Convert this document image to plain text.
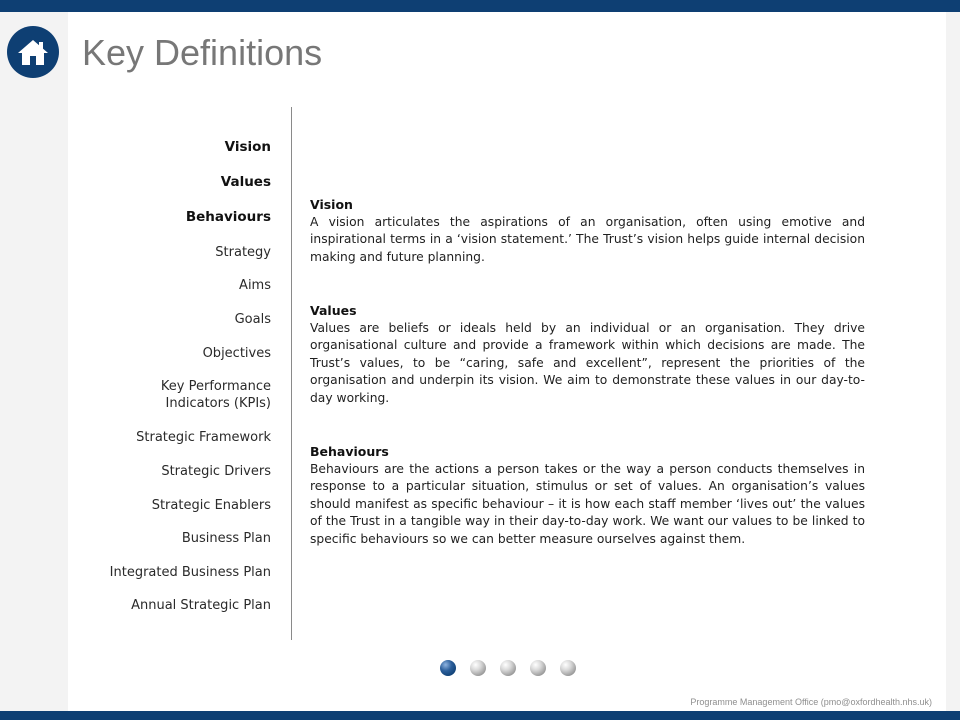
Key Definitions
Vision
Values
Behaviours
Strategy
Aims
Goals
Objectives
Key Performance
Indicators (KPIs)
Strategic Framework
Strategic Drivers
Strategic Enablers
Business Plan
Integrated Business Plan
Annual Strategic Plan
Vision
A vision articulates the aspirations of an organisation, often using emotive and inspirational terms in a ‘vision statement.’ The Trust’s vision helps guide internal decision making and future planning.
Values
Values are beliefs or ideals held by an individual or an organisation. They drive organisational culture and provide a framework within which decisions are made. The Trust’s values, to be “caring, safe and excellent”, represent the priorities of the organisation and underpin its vision. We aim to demonstrate these values in our day-to-day working.
Behaviours
Behaviours are the actions a person takes or the way a person conducts themselves in response to a particular situation, stimulus or set of values. An organisation’s values should manifest as specific behaviour – it is how each staff member ‘lives out’ the values of the Trust in a tangible way in their day-to-day work. We want our values to be linked to specific behaviours so we can better measure ourselves against them.
Programme Management Office (pmo@oxfordhealth.nhs.uk)
